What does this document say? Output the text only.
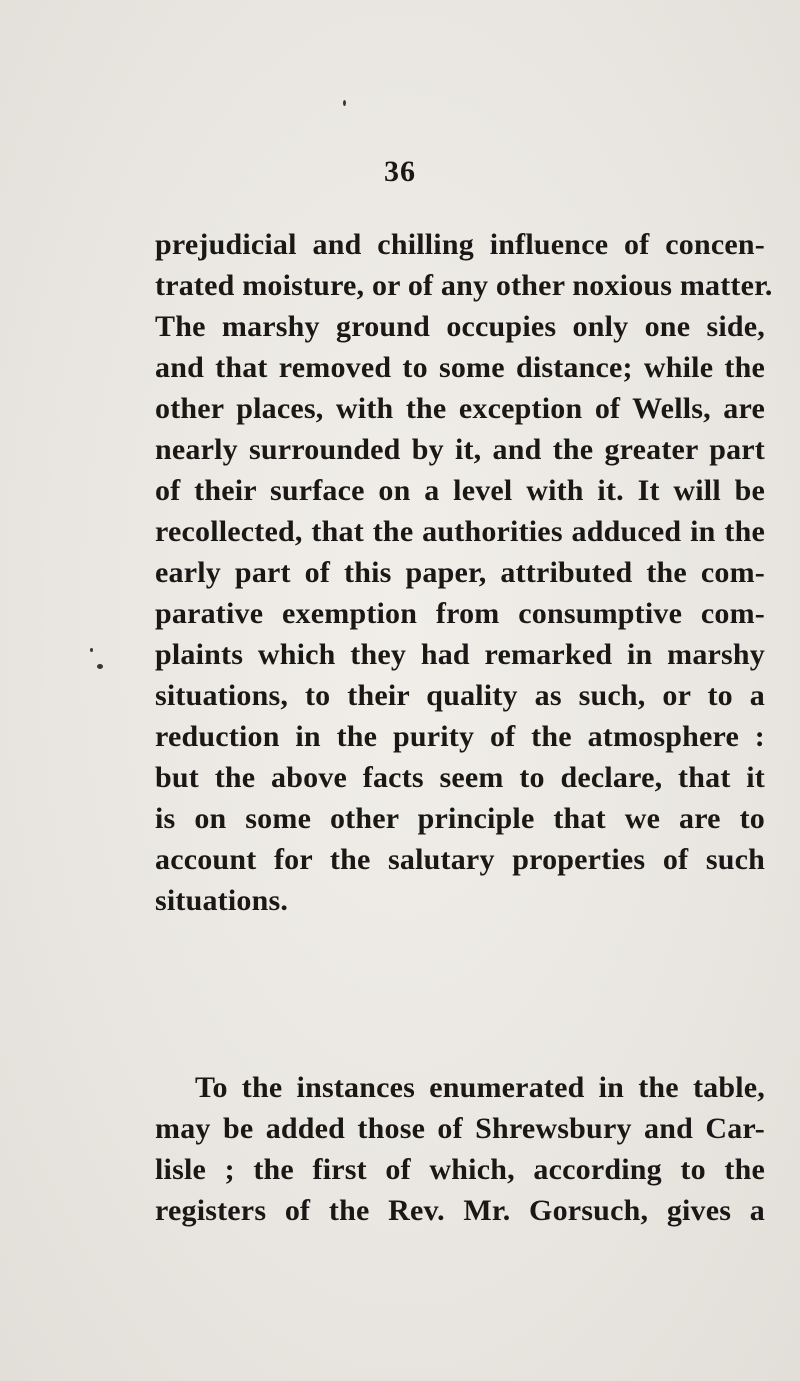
36
prejudicial and chilling influence of concen-
trated moisture, or of any other noxious matter.
The marshy ground occupies only one side,
and that removed to some distance; while the
other places, with the exception of Wells, are
nearly surrounded by it, and the greater part
of their surface on a level with it. It will be
recollected, that the authorities adduced in the
early part of this paper, attributed the com-
parative exemption from consumptive com-
plaints which they had remarked in marshy
situations, to their quality as such, or to a
reduction in the purity of the atmosphere :
but the above facts seem to declare, that it
is on some other principle that we are to
account for the salutary properties of such
situations.
To the instances enumerated in the table,
may be added those of Shrewsbury and Car-
lisle ; the first of which, according to the
registers of the Rev. Mr. Gorsuch, gives a
